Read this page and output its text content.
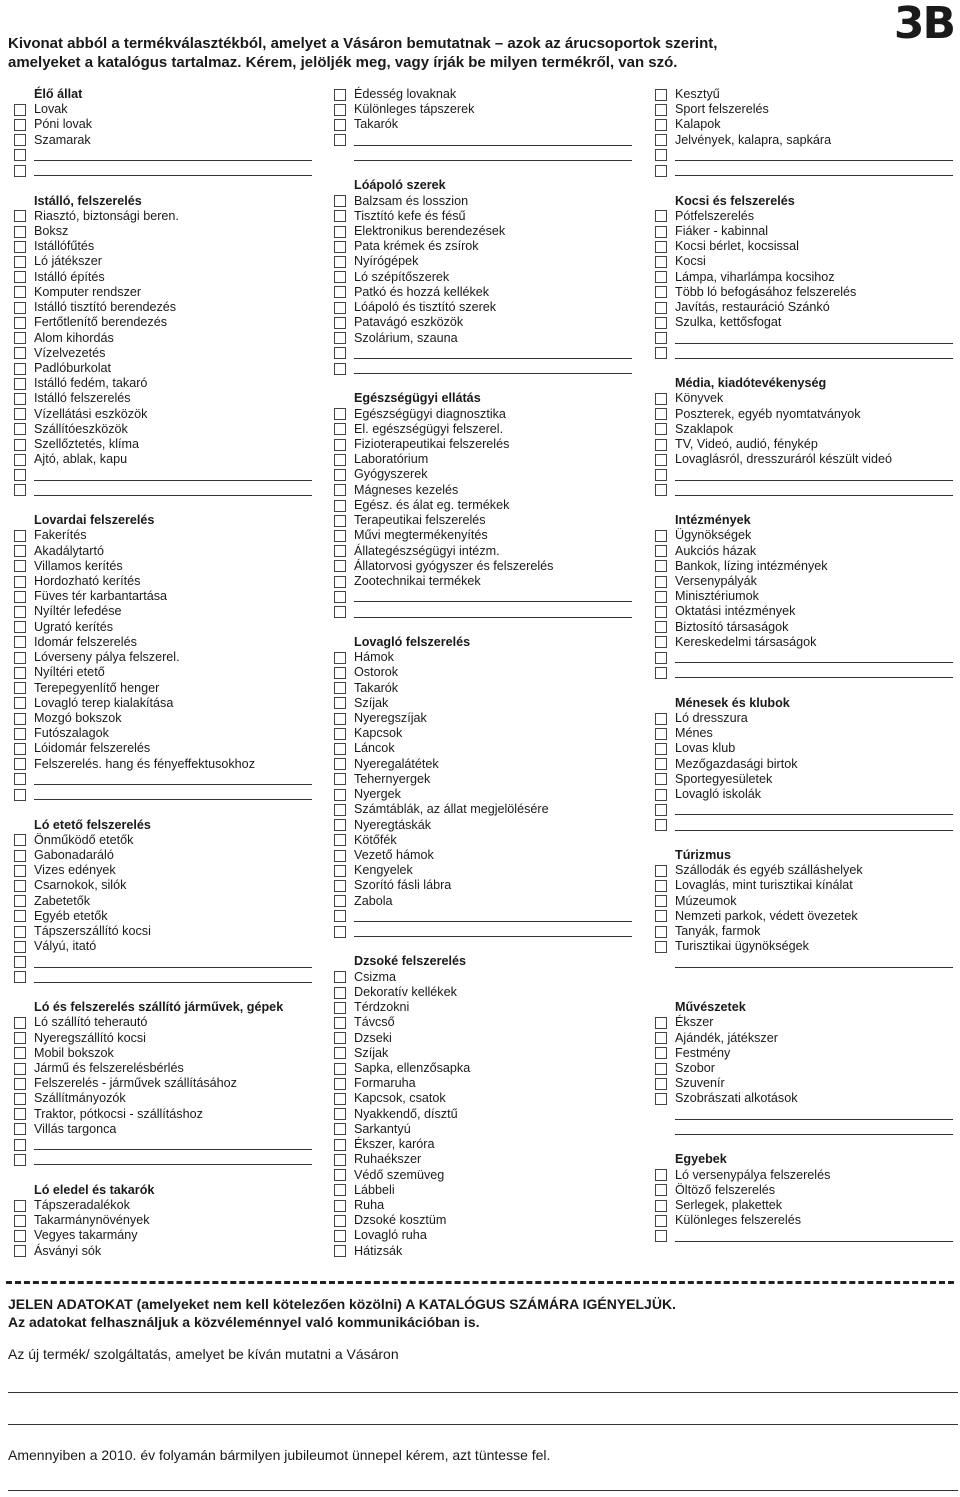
Kivonat abból a termékválasztékból, amelyet a Vásáron bemutatnak – azok az árucsoportok szerint,
amelyeket a katalógus tartalmaz. Kérem, jelöljék meg, vagy írják be milyen termékről, van szó.
3B
Élő állat
Lovak
Póni lovak
Szamarak
Istálló, felszerelés
Riasztó, biztonsági beren.
Boksz
Istállófűtés
Ló játékszer
Istálló építés
Komputer rendszer
Istálló tisztító berendezés
Fertőtlenítő berendezés
Alom kihordás
Vízelvezetés
Padlóburkolat
Istálló fedém, takaró
Istálló felszerelés
Vízellátási eszközök
Szállítóeszközök
Szellőztetés, klíma
Ajtó, ablak, kapu
Lovardai felszerelés
Fakerítés
Akadálytartó
Villamos kerítés
Hordozható kerítés
Füves tér karbantartása
Nyíltér lefedése
Ugrató kerítés
Idomár felszerelés
Lóverseny pálya felszerel.
Nyíltéri etető
Terepegyenlítő henger
Lovagló terep kialakítása
Mozgó bokszok
Futószalagok
Lóidomár felszerelés
Felszerelés. hang és fényeffektusokhoz
Ló etető felszerelés
Önműködő etetők
Gabonadaráló
Vizes edények
Csarnokok, silók
Zabetetők
Egyéb etetők
Tápszerszállító kocsi
Vályú, itató
Ló és felszerelés szállító járművek, gépek
Ló szállító teherautó
Nyeregszállító kocsi
Mobil bokszok
Jármű és felszerelésbérlés
Felszerelés - járművek szállításához
Szállítmányozók
Traktor, pótkocsi - szállításhoz
Villás targonca
Ló eledel és takarók
Tápszeradalékok
Takarmánynövények
Vegyes takarmány
Ásványi sók
Édesség lovaknak
Különleges tápszerek
Takarók
Lóápoló szerek
Balzsam és losszion
Tisztító kefe és fésű
Elektronikus berendezések
Pata krémek és zsírok
Nyírógépek
Ló szépítőszerek
Patkó és hozzá kellékek
Lóápoló és tisztító szerek
Patavágó eszközök
Szolárium, szauna
Egészségügyi ellátás
Egészségügyi diagnosztika
El. egészségügyi felszerel.
Fizioterapeutikai felszerelés
Laboratórium
Gyógyszerek
Mágneses kezelés
Egész. és álat eg. termékek
Terapeutikai felszerelés
Művi megtermékenyítés
Állategészségügyi intézm.
Állatorvosi gyógyszer és felszerelés
Zootechnikai termékek
Lovagló felszerelés
Hámok
Ostorok
Takarók
Szíjak
Nyeregszíjak
Kapcsok
Láncok
Nyeregalátétek
Tehernyergek
Nyergek
Számtáblák, az állat megjelölésére
Nyeregtáskák
Kötőfék
Vezető hámok
Kengyelek
Szorító fásli lábra
Zabola
Dzsoké felszerelés
Csizma
Dekoratív kellékek
Térdzokni
Távcső
Dzseki
Szíjak
Sapka, ellenzősapka
Formaruha
Kapcsok, csatok
Nyakkendő, dísztű
Sarkantyú
Ékszer, karóra
Ruhaékszer
Védő szemüveg
Lábbeli
Ruha
Dzsoké kosztüm
Lovagló ruha
Hátizsák
Kesztyű
Sport felszerelés
Kalapok
Jelvények, kalapra, sapkára
Kocsi és felszerelés
Pótfelszerelés
Fiáker - kabinnal
Kocsi bérlet, kocsissal
Kocsi
Lámpa, viharlámpa kocsihoz
Több ló befogásához felszerelés
Javítás, restauráció Szánkó
Szulka, kettősfogat
Média, kiadótevékenység
Könyvek
Poszterek, egyéb nyomtatványok
Szaklapok
TV, Videó, audió, fénykép
Lovaglásról, dresszuráról készült videó
Intézmények
Ügynökségek
Aukciós házak
Bankok, lízing intézmények
Versenypályák
Minisztériumok
Oktatási intézmények
Biztosító társaságok
Kereskedelmi társaságok
Ménesek és klubok
Ló dresszura
Ménes
Lovas klub
Mezőgazdasági birtok
Sportegyesületek
Lovagló iskolák
Túrizmus
Szállodák és egyéb szálláshelyek
Lovaglás, mint turisztikai kínálat
Múzeumok
Nemzeti parkok, védett övezetek
Tanyák, farmok
Turisztikai ügynökségek
Művészetek
Ékszer
Ajándék, játékszer
Festmény
Szobor
Szuvenír
Szobrászati alkotások
Egyebek
Ló versenypálya felszerelés
Öltöző felszerelés
Serlegek, plakettek
Különleges felszerelés
JELEN ADATOKAT (amelyeket nem kell kötelezően közölni) A KATALÓGUS SZÁMÁRA IGÉNYELJÜK.
Az adatokat felhasználjuk a közvéleménnyel való kommunikációban is.
Az új termék/ szolgáltatás, amelyet be kíván mutatni a Vásáron
Amennyiben a 2010. év folyamán bármilyen jubileumot ünnepel kérem, azt tüntesse fel.
